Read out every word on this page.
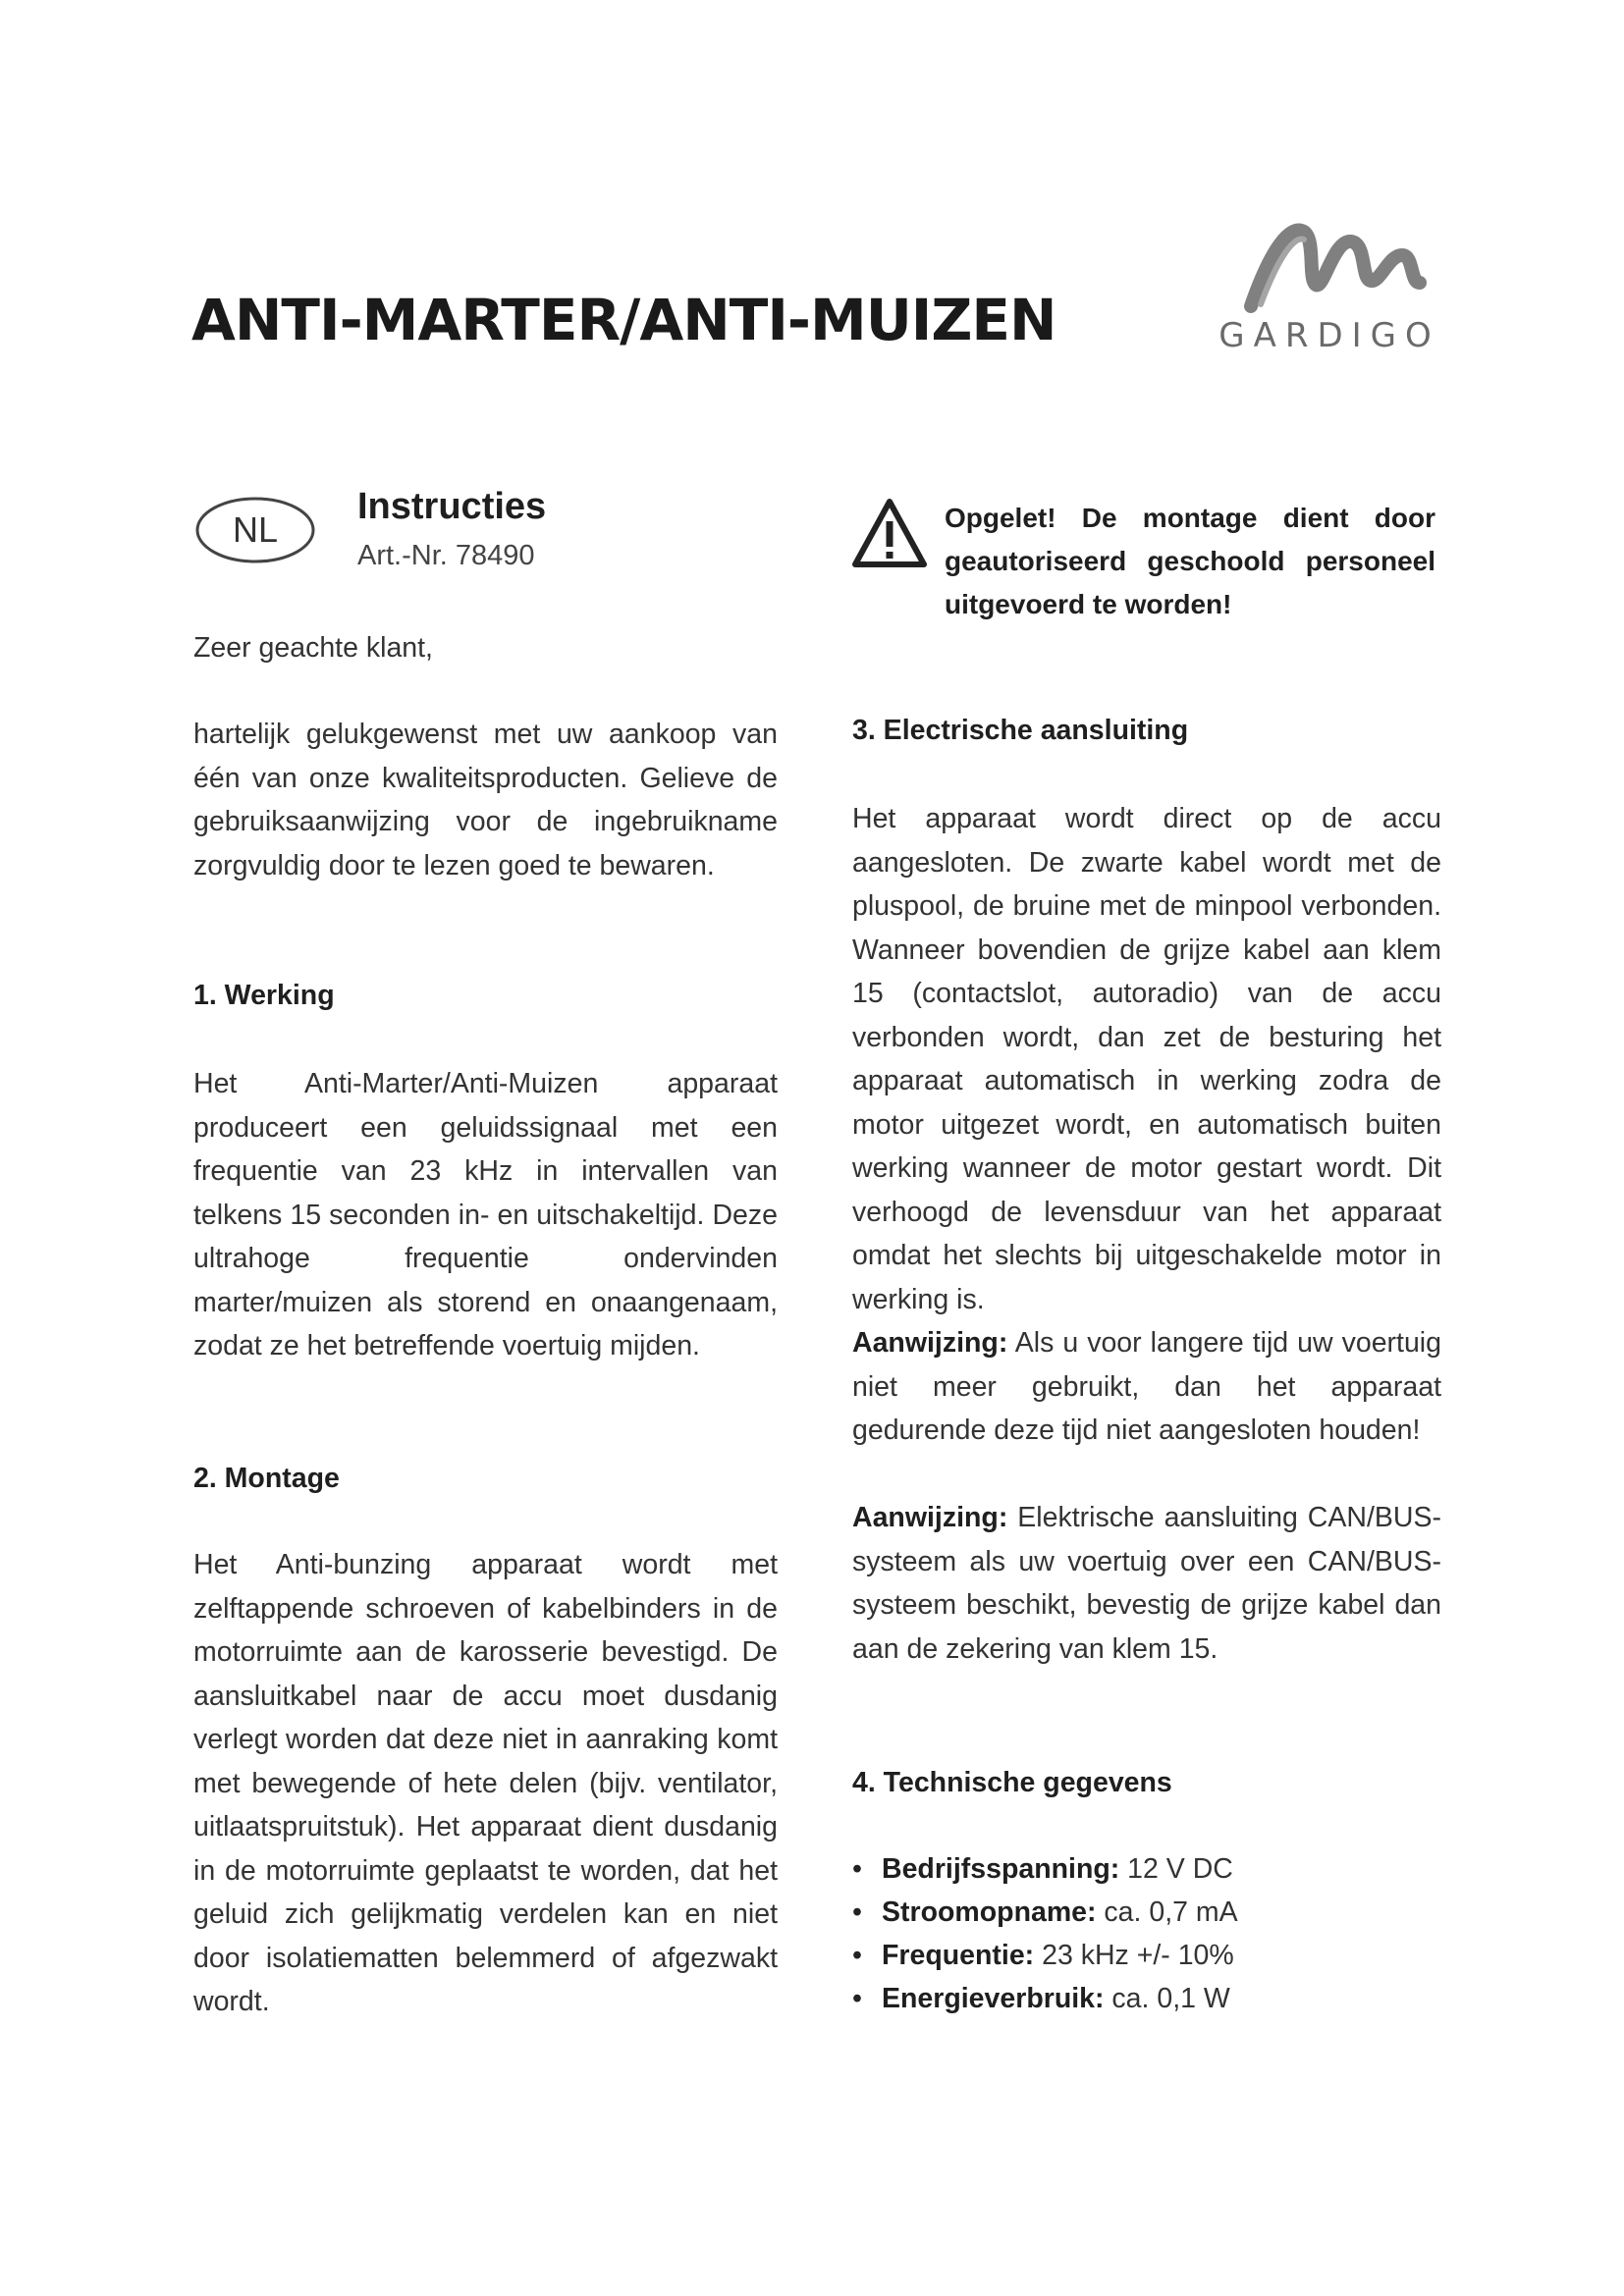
ANTI-MARTER/ANTI-MUIZEN	GARDIGO
NL
Instructies
Art.-Nr. 78490
Zeer geachte klant,
hartelijk gelukgewenst met uw aankoop van één van onze kwaliteitsproducten. Gelieve de gebruiksaanwijzing voor de ingebruikname zorgvuldig door te lezen goed te bewaren.
1. Werking
Het Anti-Marter/Anti-Muizen apparaat produceert een geluidssignaal met een frequentie van 23 kHz in intervallen van telkens 15 seconden in- en uitschakeltijd. Deze ultrahoge frequentie ondervinden marter/muizen als storend en onaangenaam, zodat ze het betreffende voertuig mijden.
2. Montage
Het Anti-bunzing apparaat wordt met zelftappende schroeven of kabelbinders in de motorruimte aan de karosserie bevestigd. De aansluitkabel naar de accu moet dusdanig verlegt worden dat deze niet in aanraking komt met bewegende of hete delen (bijv. ventilator, uitlaatspruitstuk). Het apparaat dient dusdanig in de motorruimte geplaatst te worden, dat het geluid zich gelijkmatig verdelen kan en niet door isolatiematten belemmerd of afgezwakt wordt.
Opgelet! De montage dient door geautoriseerd geschoold personeel uitgevoerd te worden!
3. Electrische aansluiting
Het apparaat wordt direct op de accu aangesloten. De zwarte kabel wordt met de pluspool, de bruine met de minpool verbonden. Wanneer bovendien de grijze kabel aan klem 15 (contactslot, autoradio) van de accu verbonden wordt, dan zet de besturing het apparaat automatisch in werking zodra de motor uitgezet wordt, en automatisch buiten werking wanneer de motor gestart wordt. Dit verhoogd de levensduur van het apparaat omdat het slechts bij uitgeschakelde motor in werking is.
Aanwijzing: Als u voor langere tijd uw voertuig niet meer gebruikt, dan het apparaat gedurende deze tijd niet aangesloten houden!
Aanwijzing: Elektrische aansluiting CAN/BUS-systeem als uw voertuig over een CAN/BUS-systeem beschikt, bevestig de grijze kabel dan aan de zekering van klem 15.
4. Technische gegevens
• Bedrijfsspanning: 12 V DC
• Stroomopname: ca. 0,7 mA
• Frequentie: 23 kHz +/- 10%
• Energieverbruik: ca. 0,1 W
